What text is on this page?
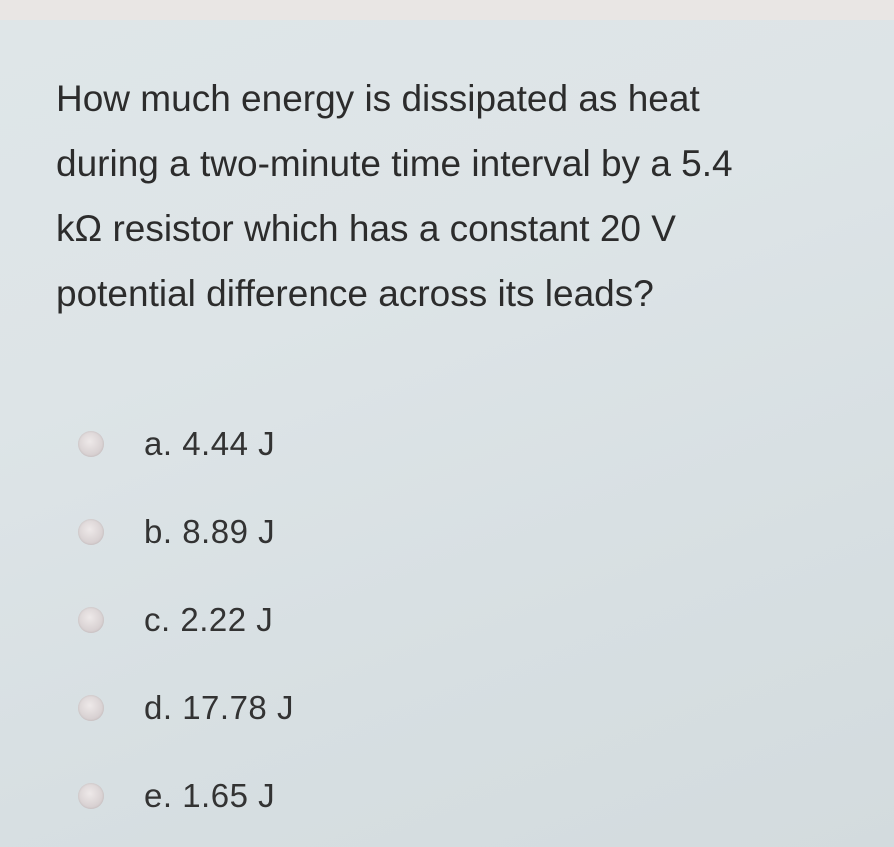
How much energy is dissipated as heat
during a two-minute time interval by a 5.4
kΩ resistor which has a constant 20 V
potential difference across its leads?

a. 4.44 J
b. 8.89 J
c. 2.22 J
d. 17.78 J
e. 1.65 J
